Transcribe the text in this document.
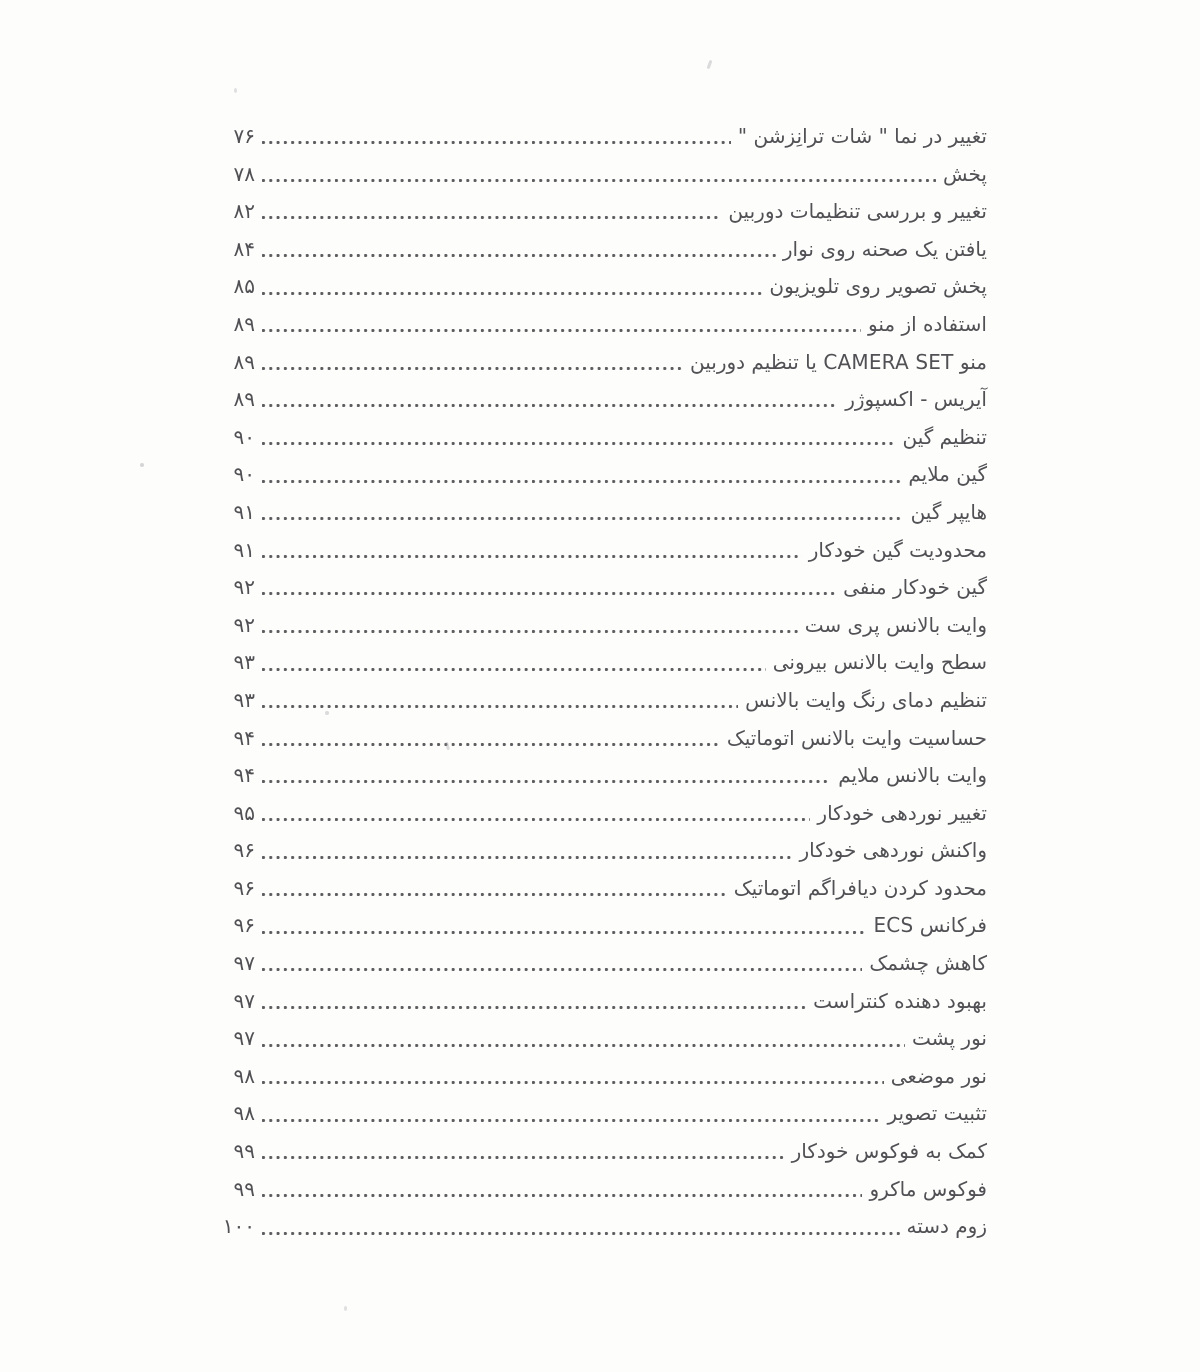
تغییر در نما " شات ترانِزشن "
۷۶
پخش
۷۸
تغییر و بررسی تنظیمات دوربین
۸۲
یافتن یک صحنه روی نوار
۸۴
پخش تصویر روی تلویزیون
۸۵
استفاده از منو
۸۹
منو CAMERA SET یا تنظیم دوربین
۸۹
آیریس - اکسپوژر
۸۹
تنظیم گین
۹۰
گین ملایم
۹۰
هایپر گین
۹۱
محدودیت گین خودکار
۹۱
گین خودکار منفی
۹۲
وایت بالانس پری ست
۹۲
سطح وایت بالانس بیرونی
۹۳
تنظیم دمای رنگ وایت بالانس
۹۳
حساسیت وایت بالانس اتوماتیک
۹۴
وایت بالانس ملایم
۹۴
تغییر نوردهی خودکار
۹۵
واکنش نوردهی خودکار
۹۶
محدود کردن دیافراگم اتوماتیک
۹۶
فرکانس ECS
۹۶
کاهش چشمک
۹۷
بهبود دهنده کنتراست
۹۷
نور پشت
۹۷
نور موضعی
۹۸
تثبیت تصویر
۹۸
کمک به فوکوس خودکار
۹۹
فوکوس ماکرو
۹۹
زوم دسته
۱۰۰
